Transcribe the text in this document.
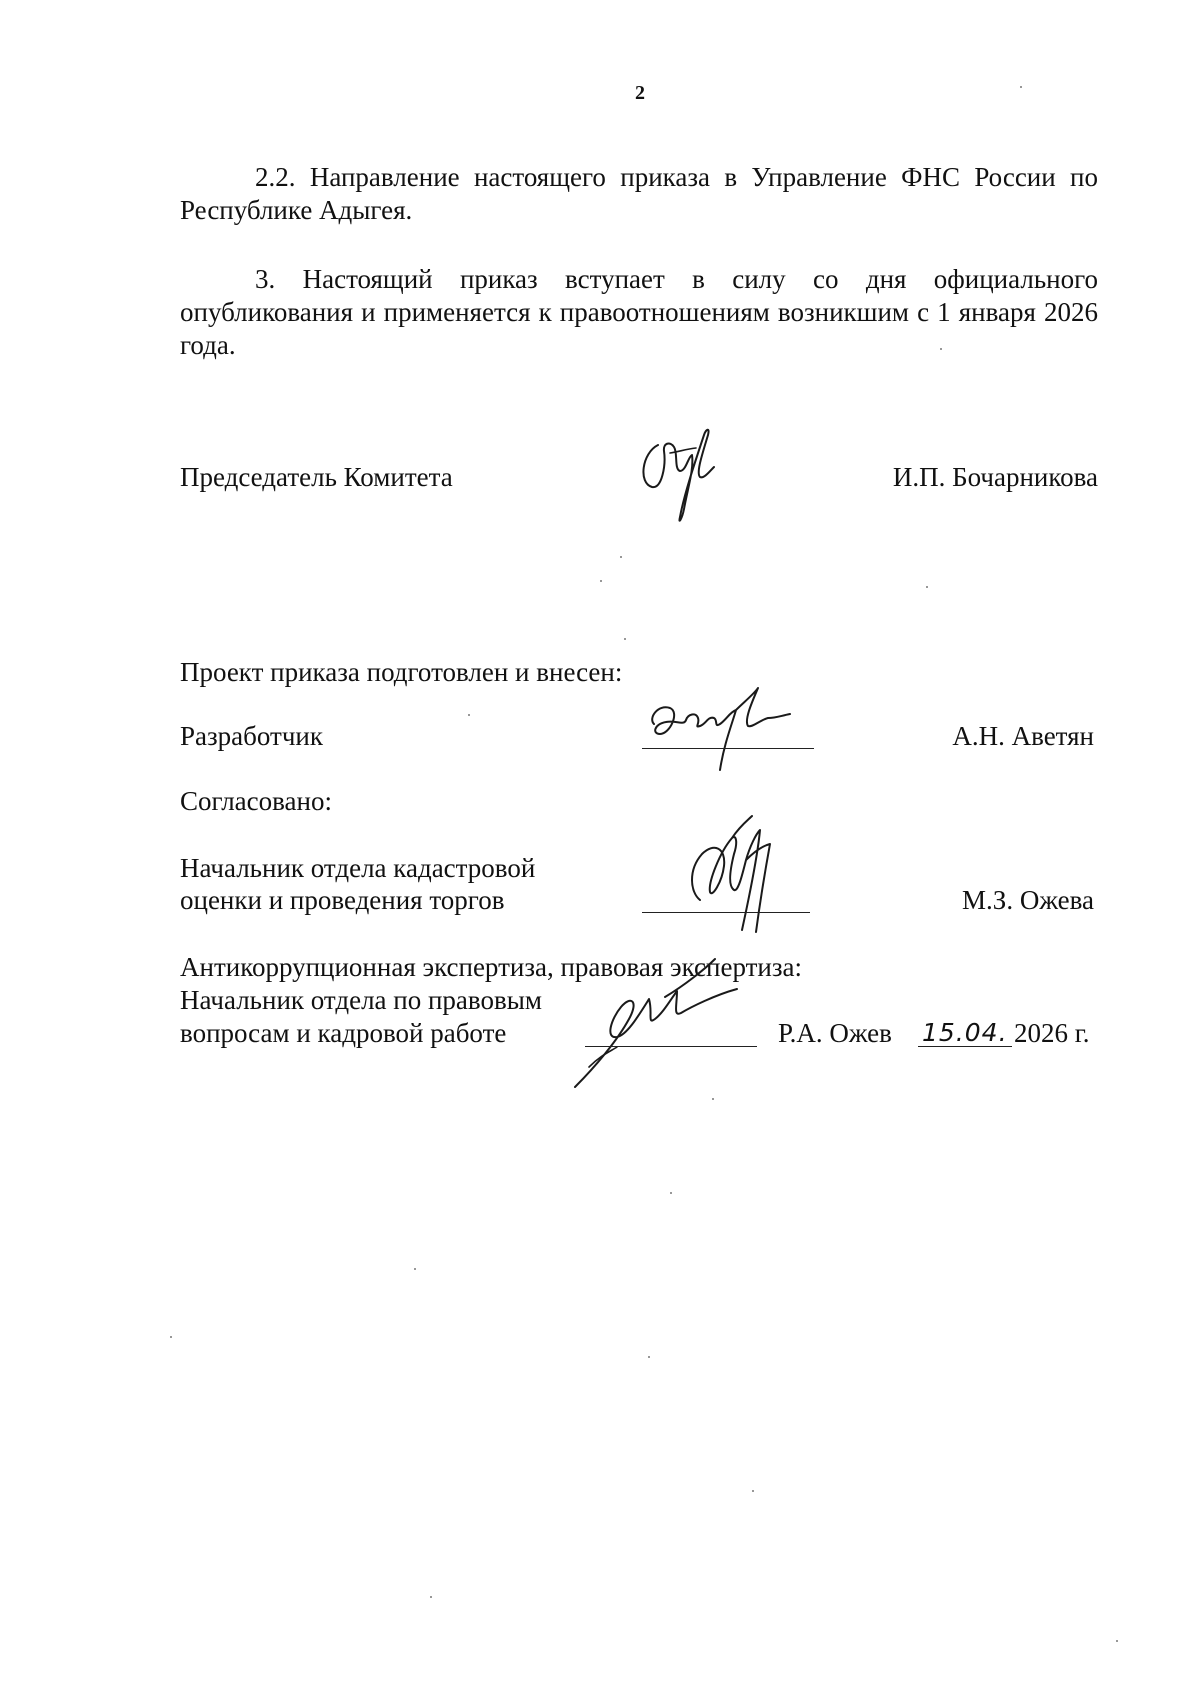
2

2.2. Направление настоящего приказа в Управление ФНС России по Республике Адыгея.

3. Настоящий приказ вступает в силу со дня официального опубликования и применяется к правоотношениям возникшим с 1 января 2026 года.

Председатель Комитета	И.П. Бочарникова
Проект приказа подготовлен и внесен:
Разработчик	А.Н. Аветян
Согласовано:
Начальник отдела кадастровой
оценки и проведения торгов	М.З. Ожева
Антикоррупционная экспертиза, правовая экспертиза:
Начальник отдела по правовым
вопросам и кадровой работе	Р.А. Ожев 15.04. 2026 г.
